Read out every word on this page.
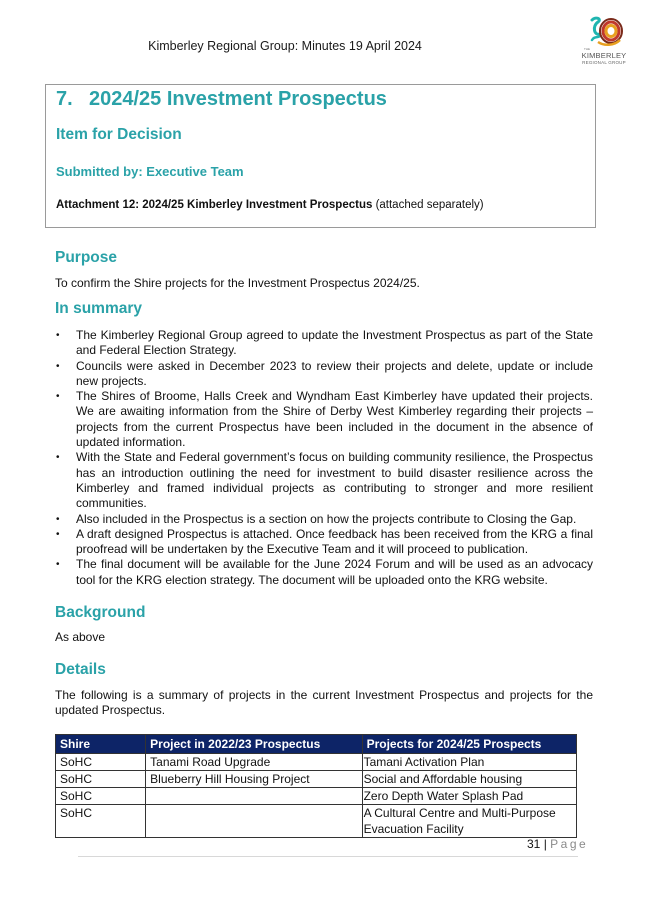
Kimberley Regional Group: Minutes 19 April 2024	THE
KIMBERLEY
REGIONAL GROUP
7. 2024/25 Investment Prospectus
Item for Decision
Submitted by: Executive Team
Attachment 12: 2024/25 Kimberley Investment Prospectus (attached separately)
Purpose
To confirm the Shire projects for the Investment Prospectus 2024/25.
In summary
• The Kimberley Regional Group agreed to update the Investment Prospectus as part of the State and Federal Election Strategy.
• Councils were asked in December 2023 to review their projects and delete, update or include new projects.
• The Shires of Broome, Halls Creek and Wyndham East Kimberley have updated their projects. We are awaiting information from the Shire of Derby West Kimberley regarding their projects – projects from the current Prospectus have been included in the document in the absence of updated information.
• With the State and Federal government’s focus on building community resilience, the Prospectus has an introduction outlining the need for investment to build disaster resilience across the Kimberley and framed individual projects as contributing to stronger and more resilient communities.
• Also included in the Prospectus is a section on how the projects contribute to Closing the Gap.
• A draft designed Prospectus is attached. Once feedback has been received from the KRG a final proofread will be undertaken by the Executive Team and it will proceed to publication.
• The final document will be available for the June 2024 Forum and will be used as an advocacy tool for the KRG election strategy. The document will be uploaded onto the KRG website.
Background
As above
Details
The following is a summary of projects in the current Investment Prospectus and projects for the updated Prospectus.
Shire	Project in 2022/23 Prospectus	Projects for 2024/25 Prospects
SoHC	Tanami Road Upgrade	Tamani Activation Plan
SoHC	Blueberry Hill Housing Project	Social and Affordable housing
SoHC		Zero Depth Water Splash Pad
SoHC		A Cultural Centre and Multi-Purpose Evacuation Facility
31 | Page
